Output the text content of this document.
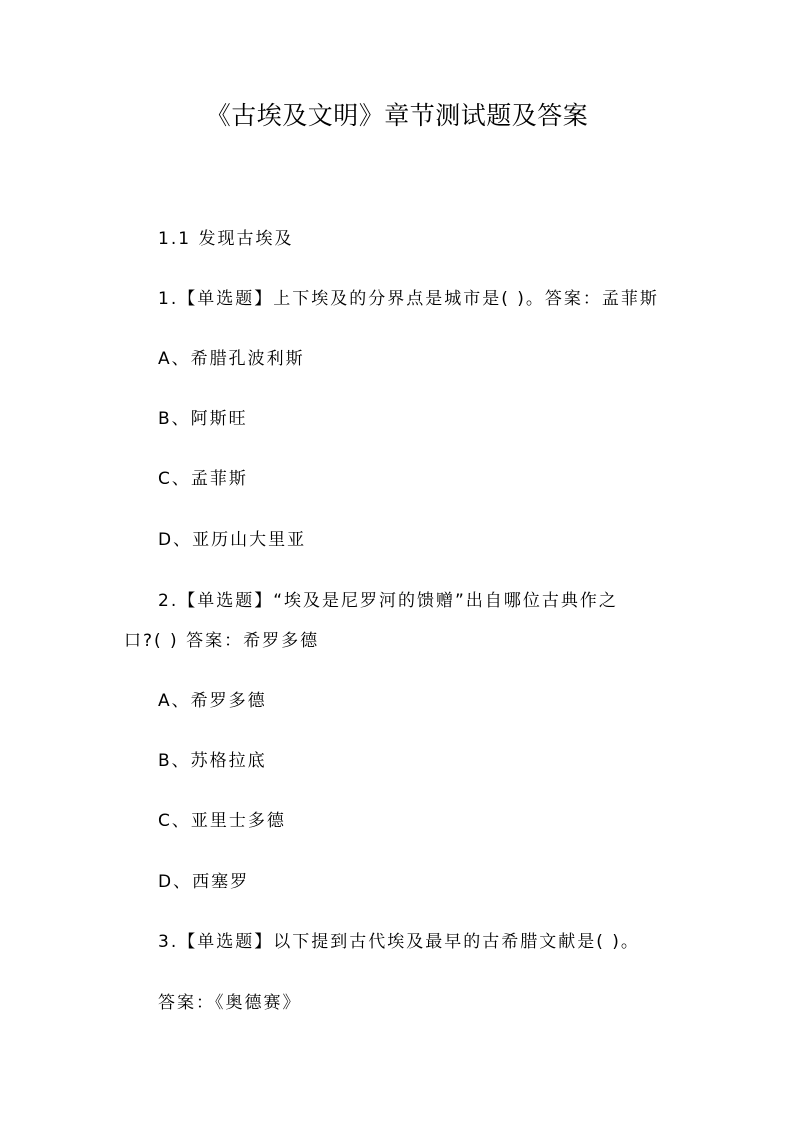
《古埃及文明》章节测试题及答案
1.1 发现古埃及
1.【单选题】上下埃及的分界点是城市是( )。答案：孟菲斯
A、希腊孔波利斯
B、阿斯旺
C、孟菲斯
D、亚历山大里亚
2.【单选题】“埃及是尼罗河的馈赠”出自哪位古典作之
口?( ) 答案：希罗多德
A、希罗多德
B、苏格拉底
C、亚里士多德
D、西塞罗
3.【单选题】以下提到古代埃及最早的古希腊文献是( )。
答案：《奥德赛》
